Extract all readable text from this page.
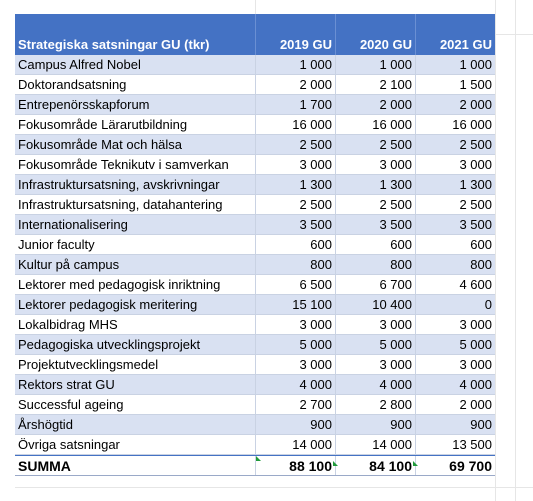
Strategiska satsningar GU (tkr)	2019 GU	2020 GU	2021 GU
Campus Alfred Nobel	1 000	1 000	1 000
Doktorandsatsning	2 000	2 100	1 500
Entrepenörsskapforum	1 700	2 000	2 000
Fokusområde Lärarutbildning	16 000	16 000	16 000
Fokusområde Mat och hälsa	2 500	2 500	2 500
Fokusområde Teknikutv i samverkan	3 000	3 000	3 000
Infrastruktursatsning, avskrivningar	1 300	1 300	1 300
Infrastruktursatsning, datahantering	2 500	2 500	2 500
Internationalisering	3 500	3 500	3 500
Junior faculty	600	600	600
Kultur på campus	800	800	800
Lektorer med pedagogisk inriktning	6 500	6 700	4 600
Lektorer pedagogisk meritering	15 100	10 400	0
Lokalbidrag MHS	3 000	3 000	3 000
Pedagogiska utvecklingsprojekt	5 000	5 000	5 000
Projektutvecklingsmedel	3 000	3 000	3 000
Rektors strat GU	4 000	4 000	4 000
Successful ageing	2 700	2 800	2 000
Årshögtid	900	900	900
Övriga satsningar	14 000	14 000	13 500
SUMMA	88 100	84 100	69 700
